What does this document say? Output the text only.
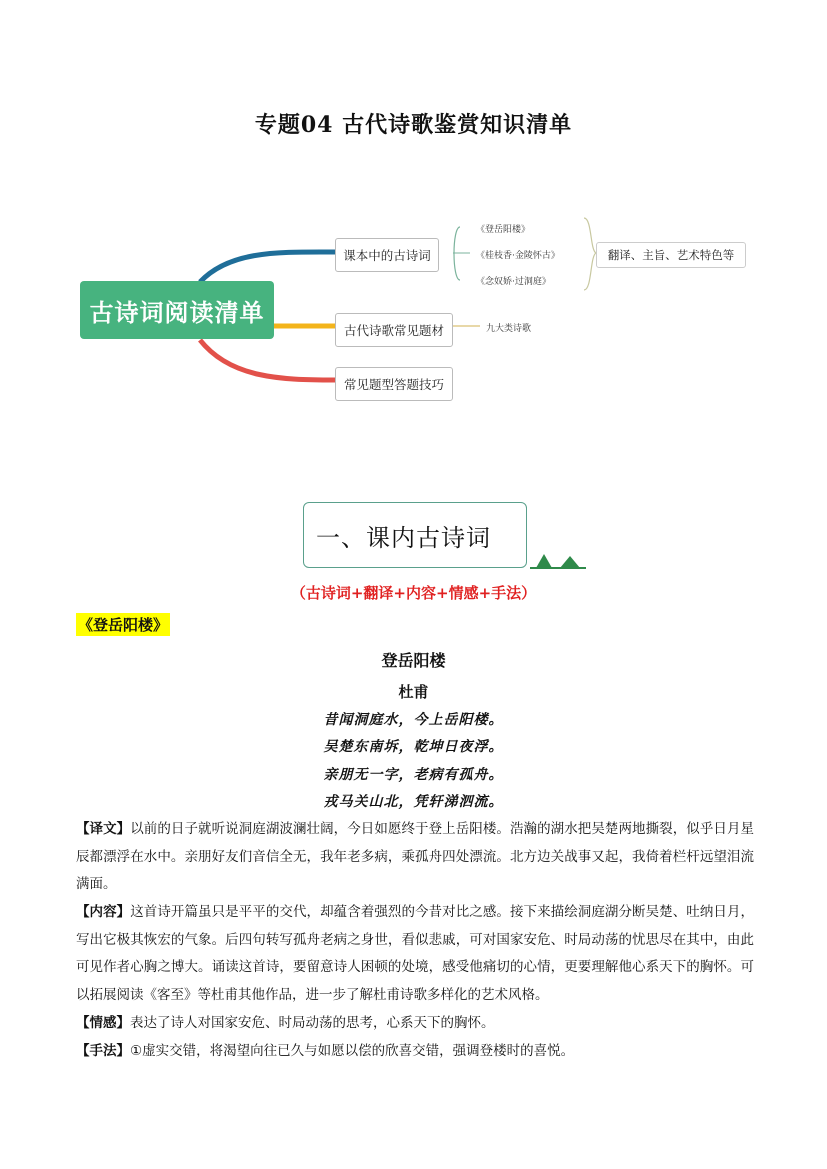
专题04 古代诗歌鉴赏知识清单
古诗词阅读清单
课本中的古诗词
古代诗歌常见题材
常见题型答题技巧
《登岳阳楼》
《桂枝香·金陵怀古》
《念奴娇·过洞庭》
翻译、主旨、艺术特色等
九大类诗歌
一、课内古诗词
（古诗词+翻译+内容+情感+手法）
《登岳阳楼》
登岳阳楼
杜甫
昔闻洞庭水，今上岳阳楼。
吴楚东南坼，乾坤日夜浮。
亲朋无一字，老病有孤舟。
戎马关山北，凭轩涕泗流。
【译文】以前的日子就听说洞庭湖波澜壮阔，今日如愿终于登上岳阳楼。浩瀚的湖水把吴楚两地撕裂，似乎日月星辰都漂浮在水中。亲朋好友们音信全无，我年老多病，乘孤舟四处漂流。北方边关战事又起，我倚着栏杆远望泪流满面。
【内容】这首诗开篇虽只是平平的交代，却蕴含着强烈的今昔对比之感。接下来描绘洞庭湖分断吴楚、吐纳日月，写出它极其恢宏的气象。后四句转写孤舟老病之身世，看似悲戚，可对国家安危、时局动荡的忧思尽在其中，由此可见作者心胸之博大。诵读这首诗，要留意诗人困顿的处境，感受他痛切的心情，更要理解他心系天下的胸怀。可以拓展阅读《客至》等杜甫其他作品，进一步了解杜甫诗歌多样化的艺术风格。
【情感】表达了诗人对国家安危、时局动荡的思考，心系天下的胸怀。
【手法】①虚实交错，将渴望向往已久与如愿以偿的欣喜交错，强调登楼时的喜悦。
